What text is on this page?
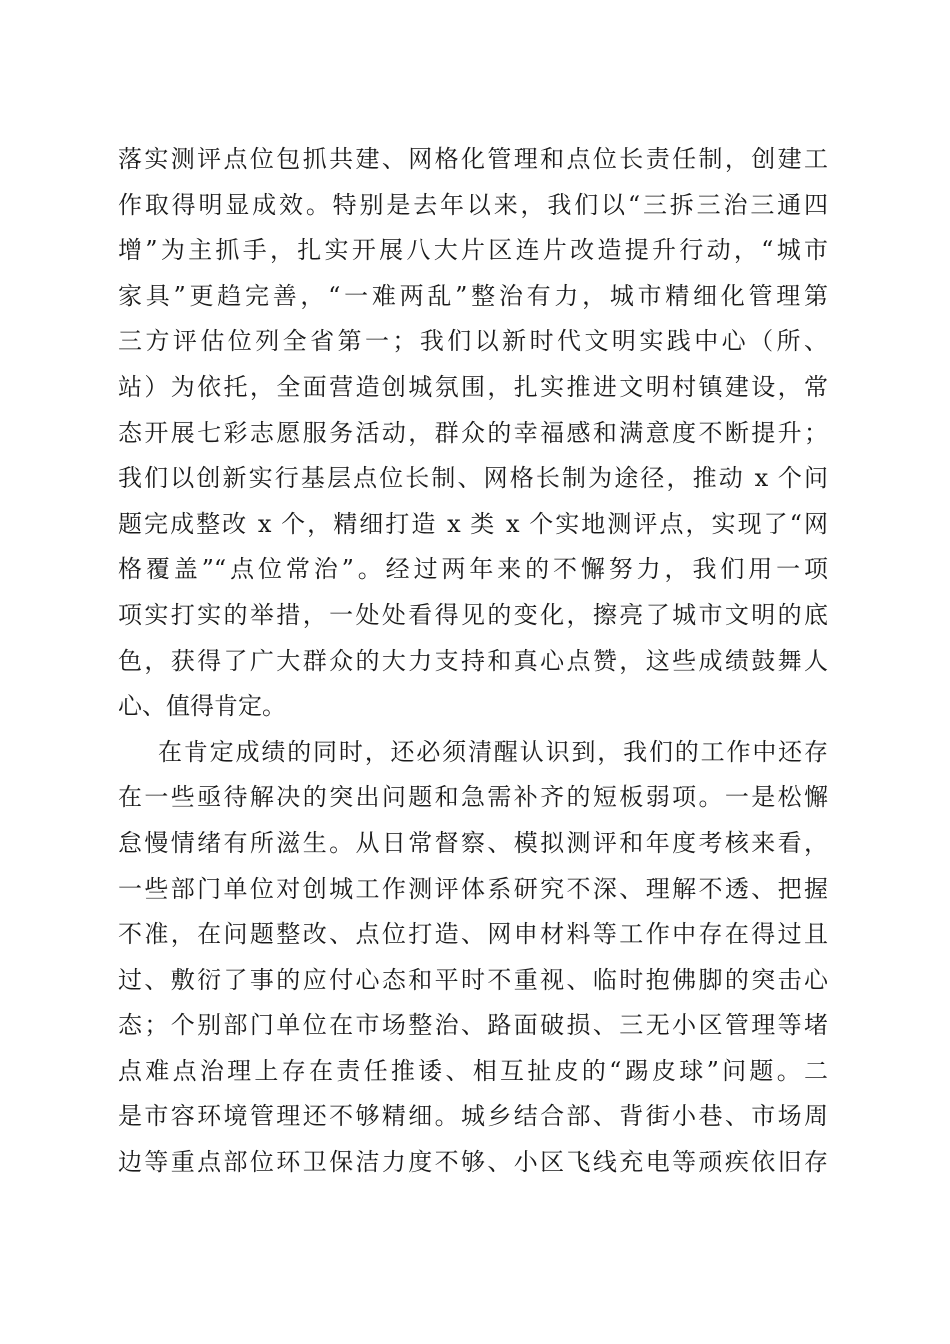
落实测评点位包抓共建、网格化管理和点位长责任制，创建工
作取得明显成效。特别是去年以来，我们以“三拆三治三通四
增”为主抓手，扎实开展八大片区连片改造提升行动，“城市
家具”更趋完善，“一难两乱”整治有力，城市精细化管理第
三方评估位列全省第一；我们以新时代文明实践中心（所、
站）为依托，全面营造创城氛围，扎实推进文明村镇建设，常
态开展七彩志愿服务活动，群众的幸福感和满意度不断提升；
我们以创新实行基层点位长制、网格长制为途径，推动 x 个问
题完成整改 x 个，精细打造 x 类 x 个实地测评点，实现了“网
格覆盖”“点位常治”。经过两年来的不懈努力，我们用一项
项实打实的举措，一处处看得见的变化，擦亮了城市文明的底
色，获得了广大群众的大力支持和真心点赞，这些成绩鼓舞人
心、值得肯定。
在肯定成绩的同时，还必须清醒认识到，我们的工作中还存
在一些亟待解决的突出问题和急需补齐的短板弱项。一是松懈
怠慢情绪有所滋生。从日常督察、模拟测评和年度考核来看，
一些部门单位对创城工作测评体系研究不深、理解不透、把握
不准，在问题整改、点位打造、网申材料等工作中存在得过且
过、敷衍了事的应付心态和平时不重视、临时抱佛脚的突击心
态；个别部门单位在市场整治、路面破损、三无小区管理等堵
点难点治理上存在责任推诿、相互扯皮的“踢皮球”问题。二
是市容环境管理还不够精细。城乡结合部、背街小巷、市场周
边等重点部位环卫保洁力度不够、小区飞线充电等顽疾依旧存
